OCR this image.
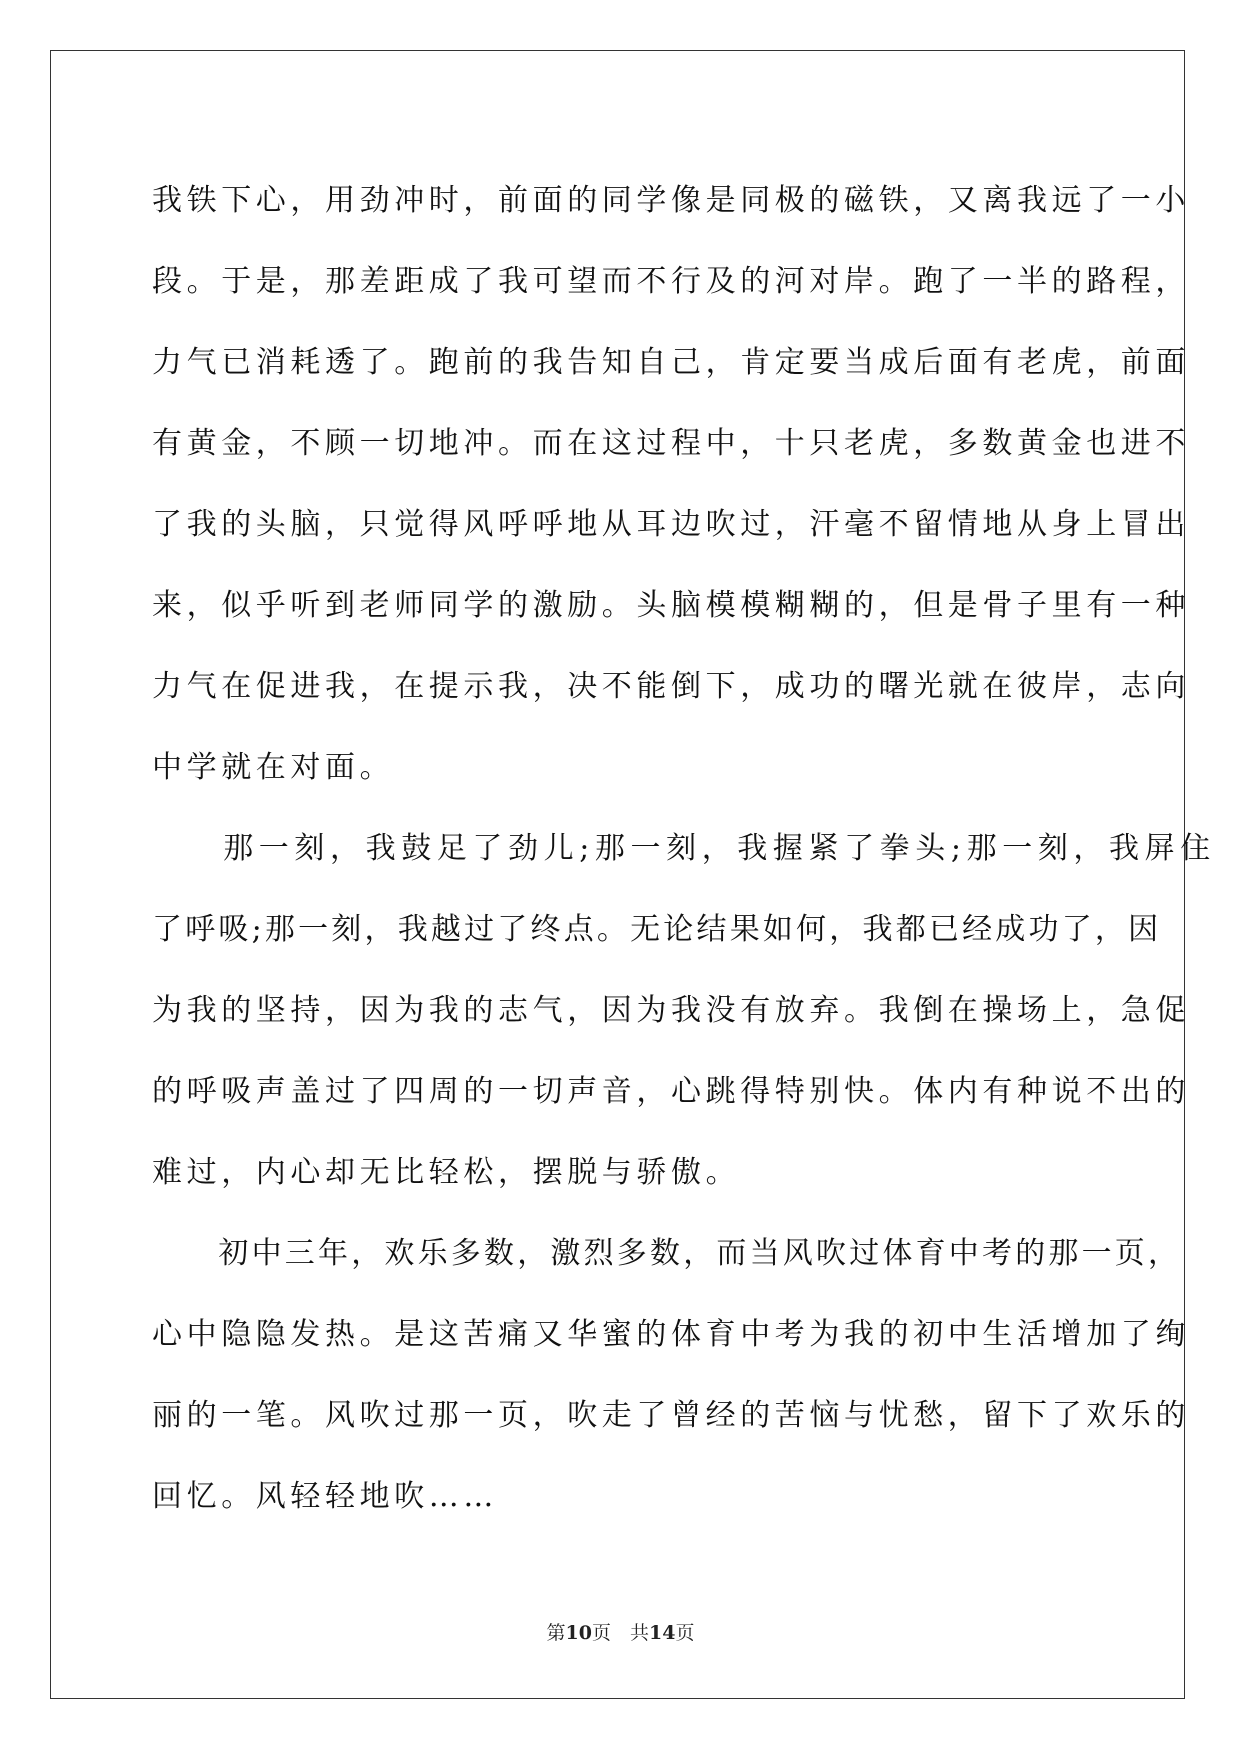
我铁下心，用劲冲时，前面的同学像是同极的磁铁，又离我远了一小
段。于是，那差距成了我可望而不行及的河对岸。跑了一半的路程，
力气已消耗透了。跑前的我告知自己，肯定要当成后面有老虎，前面
有黄金，不顾一切地冲。而在这过程中，十只老虎，多数黄金也进不
了我的头脑，只觉得风呼呼地从耳边吹过，汗毫不留情地从身上冒出
来，似乎听到老师同学的激励。头脑模模糊糊的，但是骨子里有一种
力气在促进我，在提示我，决不能倒下，成功的曙光就在彼岸，志向
中学就在对面。
　　那一刻，我鼓足了劲儿;那一刻，我握紧了拳头;那一刻，我屏住
了呼吸;那一刻，我越过了终点。无论结果如何，我都已经成功了，因
为我的坚持，因为我的志气，因为我没有放弃。我倒在操场上，急促
的呼吸声盖过了四周的一切声音，心跳得特别快。体内有种说不出的
难过，内心却无比轻松，摆脱与骄傲。
　　初中三年，欢乐多数，激烈多数，而当风吹过体育中考的那一页，
心中隐隐发热。是这苦痛又华蜜的体育中考为我的初中生活增加了绚
丽的一笔。风吹过那一页，吹走了曾经的苦恼与忧愁，留下了欢乐的
回忆。风轻轻地吹……
第10页　共14页
